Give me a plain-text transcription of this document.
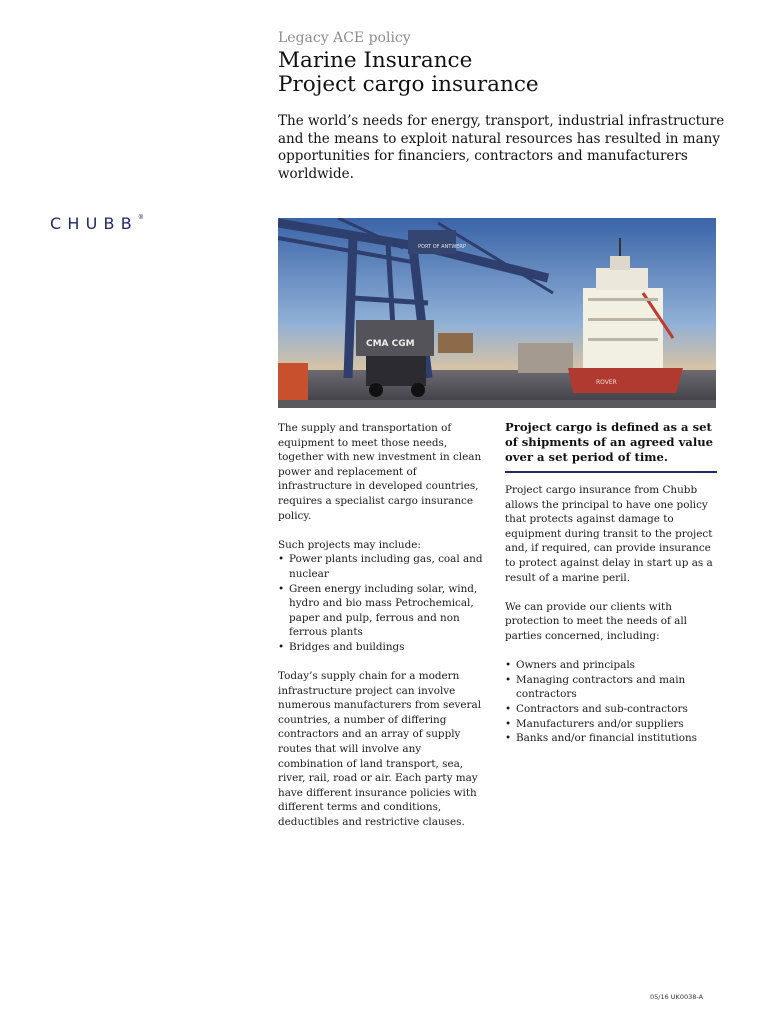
Legacy ACE policy
Marine Insurance
Project cargo insurance
The world’s needs for energy, transport, industrial infrastructure and the means to exploit natural resources has resulted in many opportunities for financiers, contractors and manufacturers worldwide.
CHUBB®
PORT OF ANTWERP
CMA CGM
ROVER

The supply and transportation of equipment to meet those needs, together with new investment in clean power and replacement of infrastructure in developed countries, requires a specialist cargo insurance policy.

Such projects may include:

• Power plants including gas, coal and nuclear
• Green energy including solar, wind, hydro and bio mass Petrochemical, paper and pulp, ferrous and non ferrous plants
• Bridges and buildings

Today’s supply chain for a modern infrastructure project can involve numerous manufacturers from several countries, a number of differing contractors and an array of supply routes that will involve any combination of land transport, sea, river, rail, road or air. Each party may have different insurance policies with different terms and conditions, deductibles and restrictive clauses.

Project cargo is defined as a set of shipments of an agreed value over a set period of time.

Project cargo insurance from Chubb allows the principal to have one policy that protects against damage to equipment during transit to the project and, if required, can provide insurance to protect against delay in start up as a result of a marine peril.

We can provide our clients with protection to meet the needs of all parties concerned, including:

• Owners and principals
• Managing contractors and main contractors
• Contractors and sub-contractors
• Manufacturers and/or suppliers
• Banks and/or financial institutions
05/16 UK0038-A
